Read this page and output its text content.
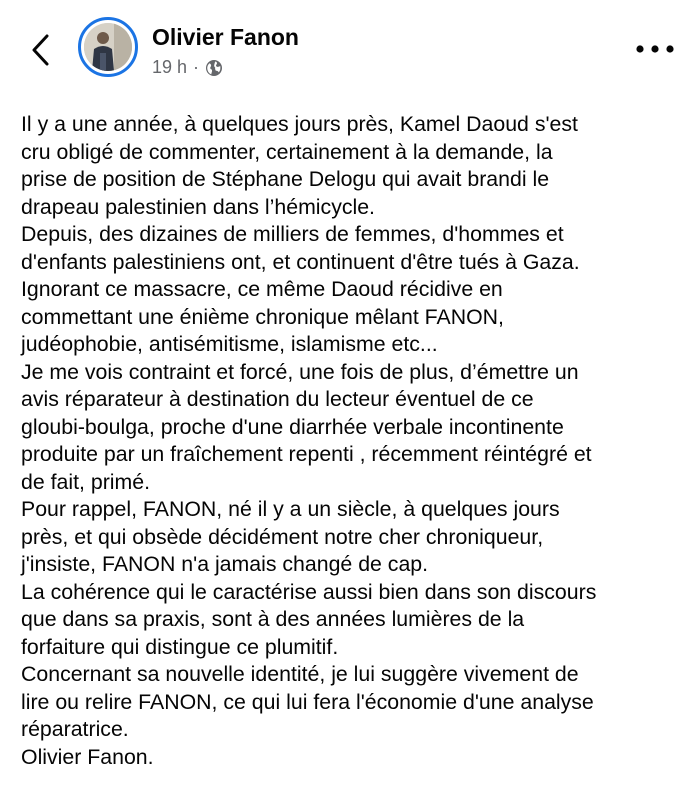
Olivier Fanon
19 h ·

Il y a une année, à quelques jours près, Kamel Daoud s'est

cru obligé de commenter, certainement à la demande, la

prise de position de Stéphane Delogu qui avait brandi le

drapeau palestinien dans l’hémicycle.

Depuis, des dizaines de milliers de femmes, d'hommes et

d'enfants palestiniens ont, et continuent d'être tués à Gaza.

Ignorant ce massacre, ce même Daoud récidive en

commettant une énième chronique mêlant FANON,

judéophobie, antisémitisme, islamisme etc...

Je me vois contraint et forcé, une fois de plus, d’émettre un

avis réparateur à destination du lecteur éventuel de ce

gloubi-boulga, proche d'une diarrhée verbale incontinente

produite par un fraîchement repenti , récemment réintégré et

de fait, primé.

Pour rappel, FANON, né il y a un siècle, à quelques jours

près, et qui obsède décidément notre cher chroniqueur,

j'insiste, FANON n'a jamais changé de cap.

La cohérence qui le caractérise aussi bien dans son discours

que dans sa praxis, sont à des années lumières de la

forfaiture qui distingue ce plumitif.

Concernant sa nouvelle identité, je lui suggère vivement de

lire ou relire FANON, ce qui lui fera l'économie d'une analyse

réparatrice.

Olivier Fanon.
